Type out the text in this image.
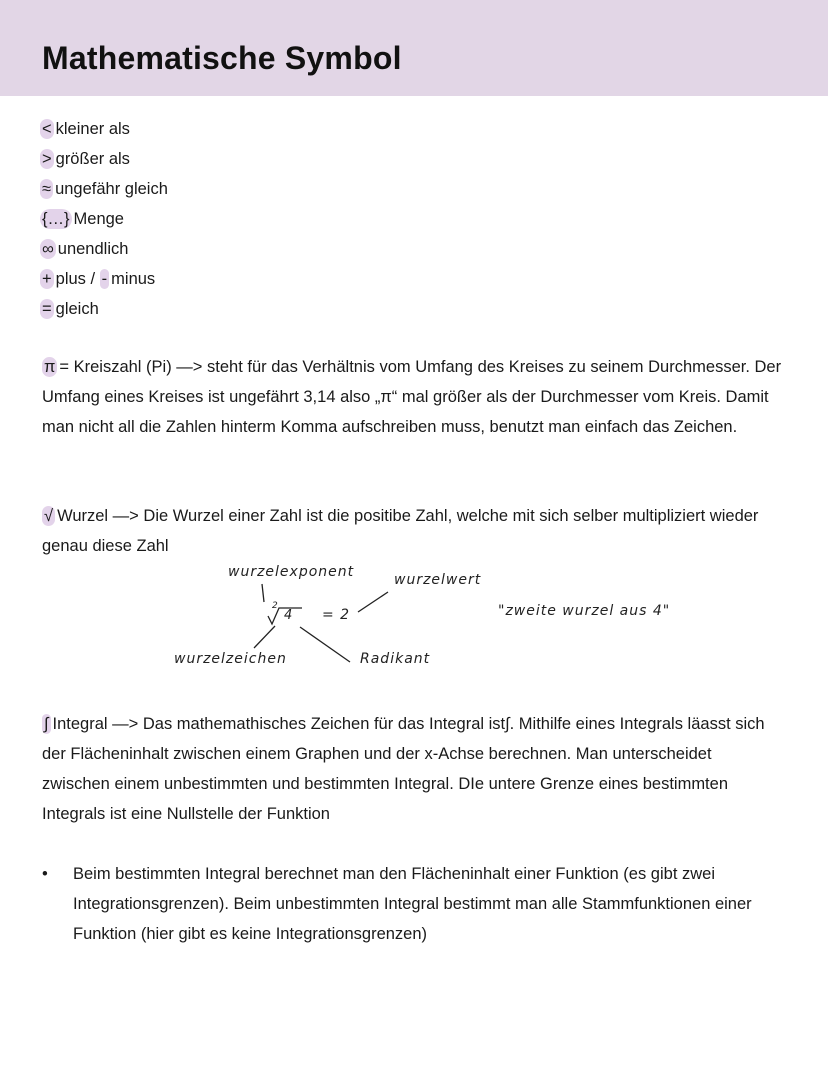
Mathematische Symbol
< kleiner als
> größer als
≈ ungefähr gleich
{…} Menge
∞ unendlich
+ plus / - minus
= gleich

π = Kreiszahl (Pi) —> steht für das Verhältnis vom Umfang des Kreises zu seinem Durchmesser. Der Umfang eines Kreises ist ungefährt 3,14 also „π“ mal größer als der Durchmesser vom Kreis. Damit man nicht all die Zahlen hinterm Komma aufschreiben muss, benutzt man einfach das Zeichen.

√ Wurzel —> Die Wurzel einer Zahl ist die positibe Zahl, welche mit sich selber multipliziert wieder genau diese Zahl

wurzelexponent	wurzelwert
2
4 = 2
wurzelzeichen	Radikant
"zweite wurzel aus 4"

∫ Integral —> Das mathemathisches Zeichen für das Integral ist∫. Mithilfe eines Integrals läasst sich der Flächeninhalt zwischen einem Graphen und der x-Achse berechnen. Man unterscheidet zwischen einem unbestimmten und bestimmten Integral. DIe untere Grenze eines bestimmten Integrals ist eine Nullstelle der Funktion

• Beim bestimmten Integral berechnet man den Flächeninhalt einer Funktion (es gibt zwei Integrationsgrenzen). Beim unbestimmten Integral bestimmt man alle Stammfunktionen einer Funktion (hier gibt es keine Integrationsgrenzen)
